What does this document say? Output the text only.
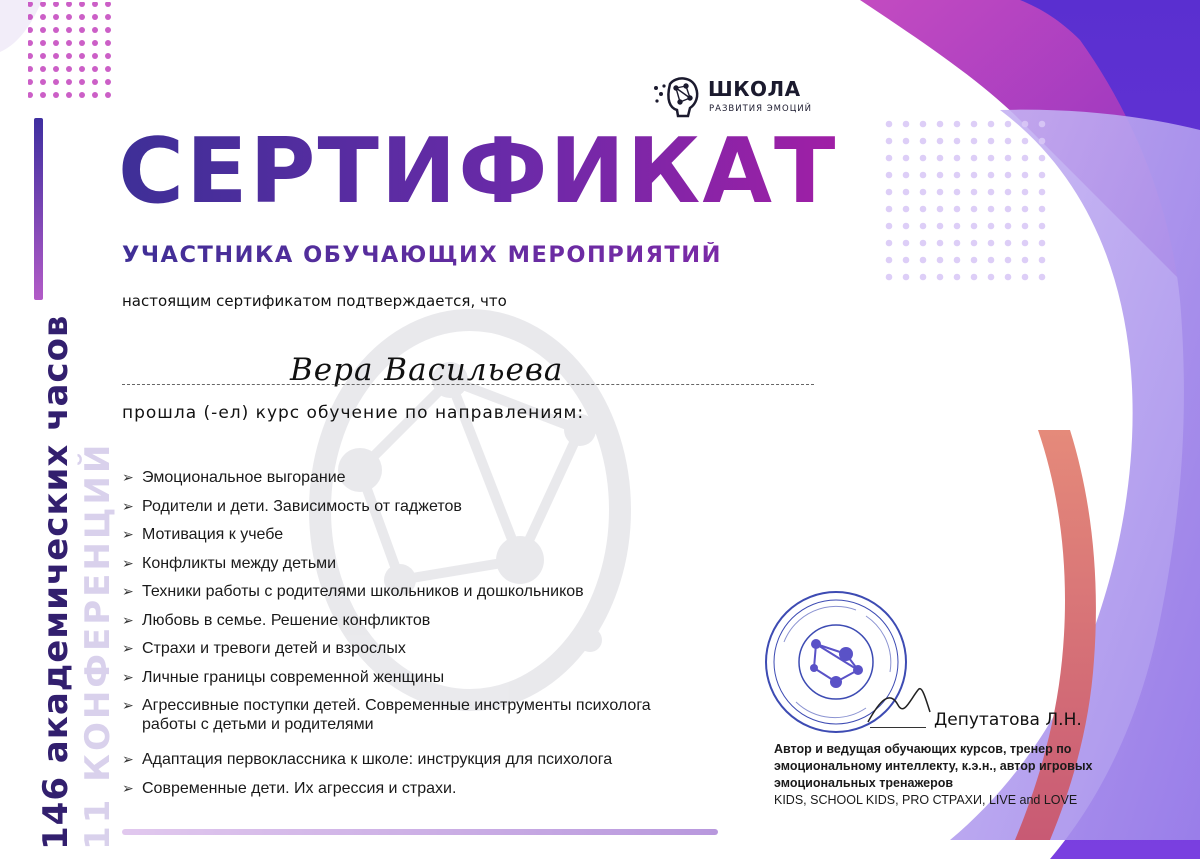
ШКОЛА
РАЗВИТИЯ ЭМОЦИЙ
СЕРТИФИКАТ
УЧАСТНИКА ОБУЧАЮЩИХ МЕРОПРИЯТИЙ
настоящим сертификатом подтверждается, что
Вера Васильева
прошла (-ел) курс обучение по направлениям:
➢ Эмоциональное выгорание
➢ Родители и дети. Зависимость от гаджетов
➢ Мотивация к учебе
➢ Конфликты между детьми
➢ Техники работы с родителями школьников и дошкольников
➢ Любовь в семье. Решение конфликтов
➢ Страхи и тревоги детей и взрослых
➢ Личные границы современной женщины
➢ Агрессивные поступки детей. Современные инструменты психолога работы с детьми и родителями
➢ Адаптация первоклассника к школе: инструкция для психолога
➢ Современные дети. Их агрессия и страхи.
Депутатова Л.Н.
Автор и ведущая обучающих курсов, тренер по эмоциональному интеллекту, к.э.н., автор игровых эмоциональных тренажеров
KIDS, SCHOOL KIDS, PRO СТРАХИ, LIVE and LOVE
146 академических часов 11 КОНФЕРЕНЦИЙ
